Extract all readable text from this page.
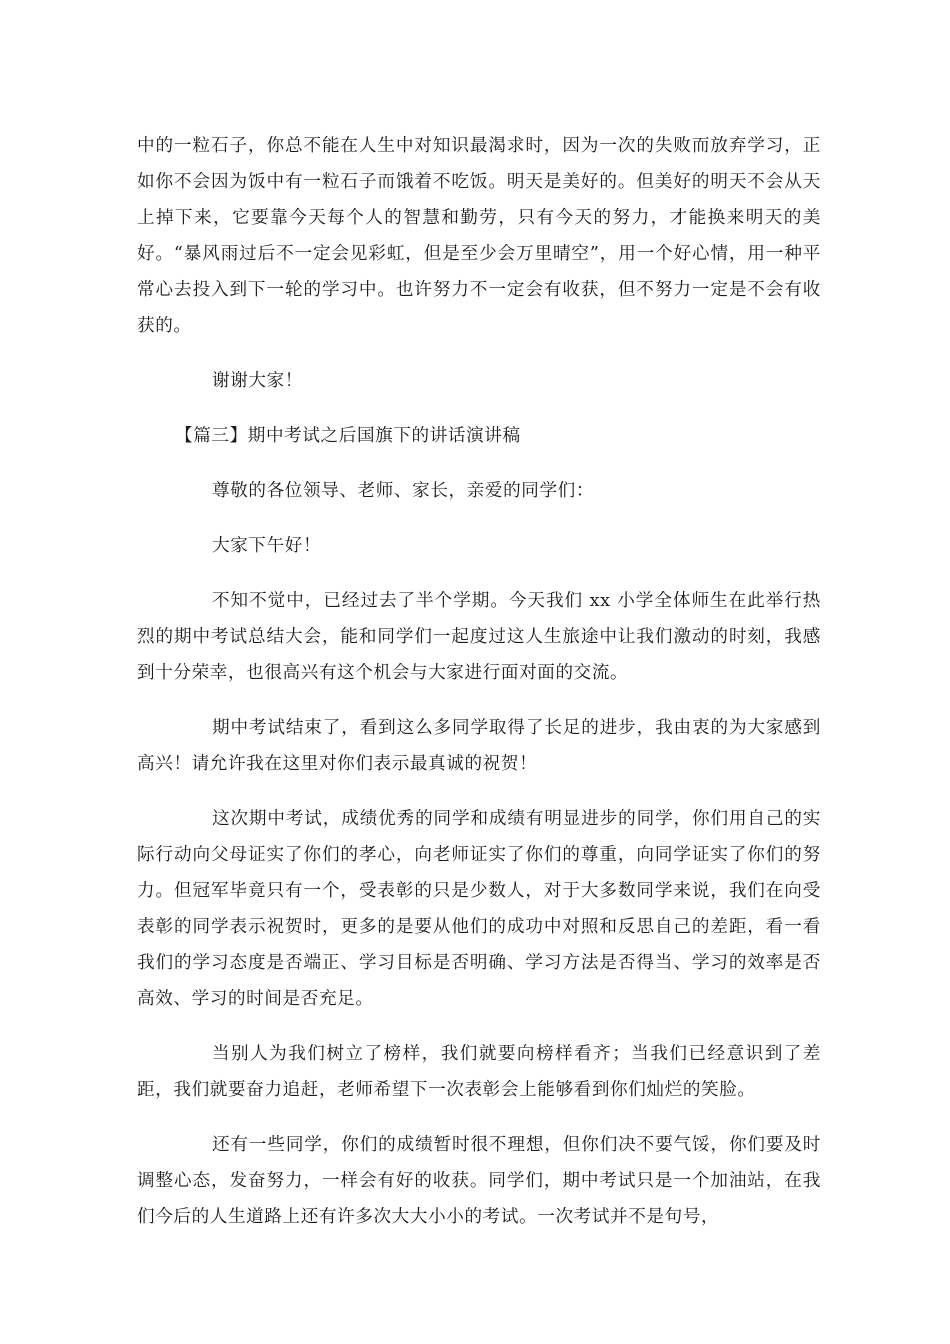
中的一粒石子，你总不能在人生中对知识最渴求时，因为一次的失败而放弃学习，正如你不会因为饭中有一粒石子而饿着不吃饭。明天是美好的。但美好的明天不会从天上掉下来，它要靠今天每个人的智慧和勤劳，只有今天的努力，才能换来明天的美好。“暴风雨过后不一定会见彩虹，但是至少会万里晴空”，用一个好心情，用一种平常心去投入到下一轮的学习中。也许努力不一定会有收获，但不努力一定是不会有收获的。

谢谢大家！

【篇三】期中考试之后国旗下的讲话演讲稿

尊敬的各位领导、老师、家长，亲爱的同学们：

大家下午好！

不知不觉中，已经过去了半个学期。今天我们 xx 小学全体师生在此举行热烈的期中考试总结大会，能和同学们一起度过这人生旅途中让我们激动的时刻，我感到十分荣幸，也很高兴有这个机会与大家进行面对面的交流。

期中考试结束了，看到这么多同学取得了长足的进步，我由衷的为大家感到高兴！请允许我在这里对你们表示最真诚的祝贺！

这次期中考试，成绩优秀的同学和成绩有明显进步的同学，你们用自己的实际行动向父母证实了你们的孝心，向老师证实了你们的尊重，向同学证实了你们的努力。但冠军毕竟只有一个，受表彰的只是少数人，对于大多数同学来说，我们在向受表彰的同学表示祝贺时，更多的是要从他们的成功中对照和反思自己的差距，看一看我们的学习态度是否端正、学习目标是否明确、学习方法是否得当、学习的效率是否高效、学习的时间是否充足。

当别人为我们树立了榜样，我们就要向榜样看齐；当我们已经意识到了差距，我们就要奋力追赶，老师希望下一次表彰会上能够看到你们灿烂的笑脸。

还有一些同学，你们的成绩暂时很不理想，但你们决不要气馁，你们要及时调整心态，发奋努力，一样会有好的收获。同学们，期中考试只是一个加油站，在我们今后的人生道路上还有许多次大大小小的考试。一次考试并不是句号，
